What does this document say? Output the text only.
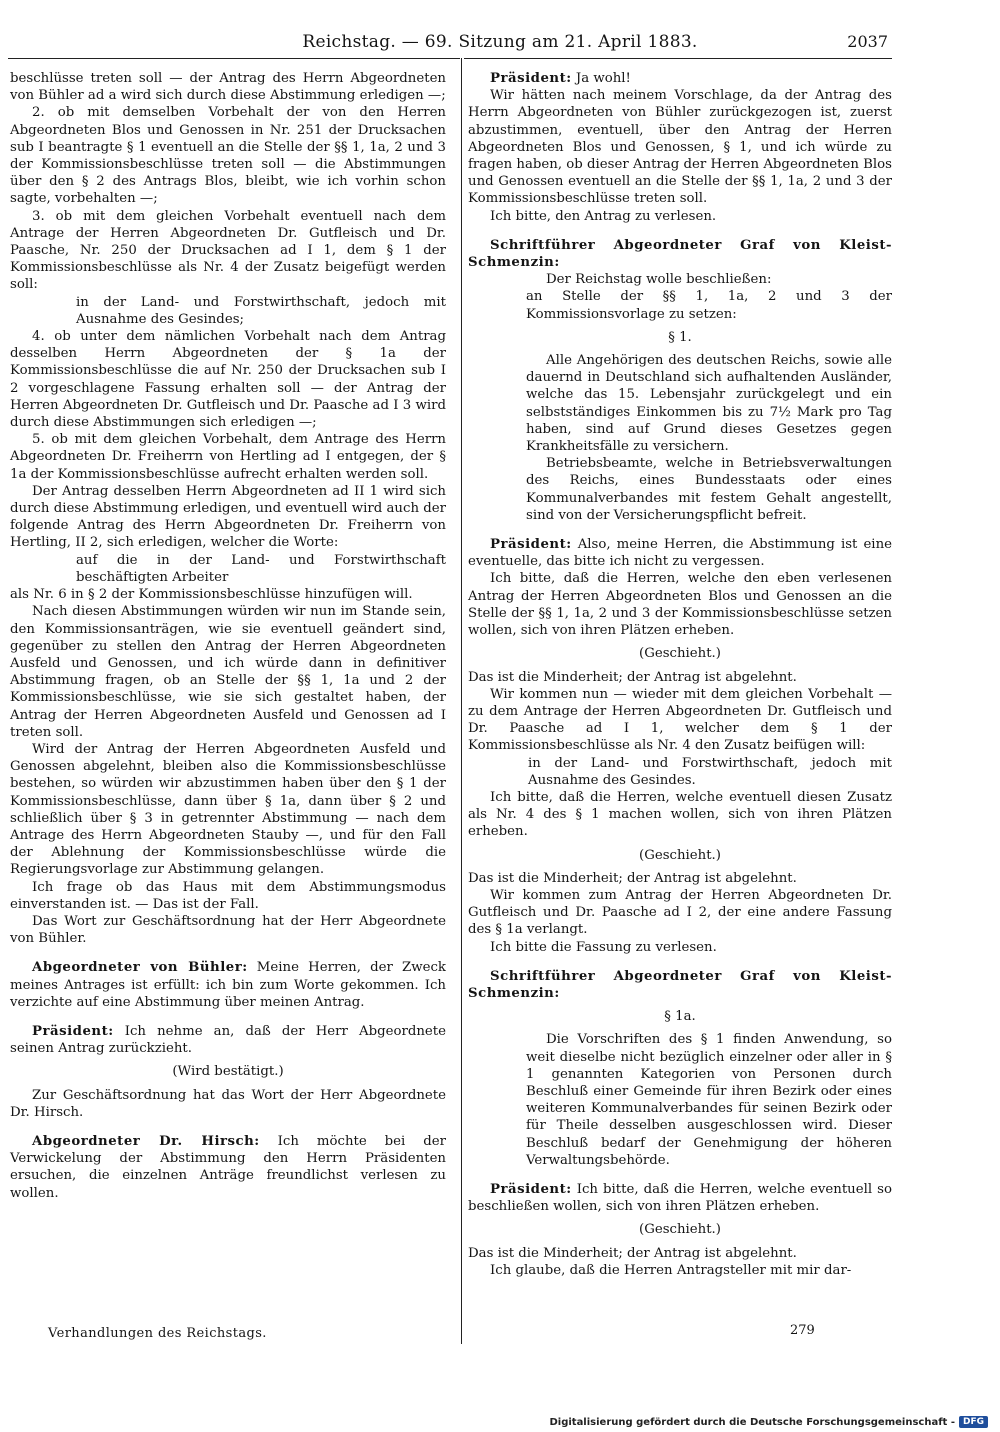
Reichstag. — 69. Sitzung am 21. April 1883.	2037

beschlüsse treten soll — der Antrag des Herrn Abgeordneten von Bühler ad a wird sich durch diese Abstimmung erledigen —;

2. ob mit demselben Vorbehalt der von den Herren Abgeordneten Blos und Genossen in Nr. 251 der Drucksachen sub I beantragte § 1 eventuell an die Stelle der §§ 1, 1a, 2 und 3 der Kommissionsbeschlüsse treten soll — die Abstimmungen über den § 2 des Antrags Blos, bleibt, wie ich vorhin schon sagte, vorbehalten —;

3. ob mit dem gleichen Vorbehalt eventuell nach dem Antrage der Herren Abgeordneten Dr. Gutfleisch und Dr. Paasche, Nr. 250 der Drucksachen ad I 1, dem § 1 der Kommissionsbeschlüsse als Nr. 4 der Zusatz beigefügt werden soll:

in der Land- und Forstwirthschaft, jedoch mit Ausnahme des Gesindes;

4. ob unter dem nämlichen Vorbehalt nach dem Antrag desselben Herrn Abgeordneten der § 1a der Kommissionsbeschlüsse die auf Nr. 250 der Drucksachen sub I 2 vorgeschlagene Fassung erhalten soll — der Antrag der Herren Abgeordneten Dr. Gutfleisch und Dr. Paasche ad I 3 wird durch diese Abstimmungen sich erledigen —;

5. ob mit dem gleichen Vorbehalt, dem Antrage des Herrn Abgeordneten Dr. Freiherrn von Hertling ad I entgegen, der § 1a der Kommissionsbeschlüsse aufrecht erhalten werden soll.

Der Antrag desselben Herrn Abgeordneten ad II 1 wird sich durch diese Abstimmung erledigen, und eventuell wird auch der folgende Antrag des Herrn Abgeordneten Dr. Freiherrn von Hertling, II 2, sich erledigen, welcher die Worte:

auf die in der Land- und Forstwirthschaft beschäftigten Arbeiter

als Nr. 6 in § 2 der Kommissionsbeschlüsse hinzufügen will.

Nach diesen Abstimmungen würden wir nun im Stande sein, den Kommissionsanträgen, wie sie eventuell geändert sind, gegenüber zu stellen den Antrag der Herren Abgeordneten Ausfeld und Genossen, und ich würde dann in definitiver Abstimmung fragen, ob an Stelle der §§ 1, 1a und 2 der Kommissionsbeschlüsse, wie sie sich gestaltet haben, der Antrag der Herren Abgeordneten Ausfeld und Genossen ad I treten soll.

Wird der Antrag der Herren Abgeordneten Ausfeld und Genossen abgelehnt, bleiben also die Kommissionsbeschlüsse bestehen, so würden wir abzustimmen haben über den § 1 der Kommissionsbeschlüsse, dann über § 1a, dann über § 2 und schließlich über § 3 in getrennter Abstimmung — nach dem Antrage des Herrn Abgeordneten Stauby —, und für den Fall der Ablehnung der Kommissionsbeschlüsse würde die Regierungsvorlage zur Abstimmung gelangen.

Ich frage ob das Haus mit dem Abstimmungsmodus einverstanden ist. — Das ist der Fall.

Das Wort zur Geschäftsordnung hat der Herr Abgeordnete von Bühler.

Abgeordneter von Bühler: Meine Herren, der Zweck meines Antrages ist erfüllt: ich bin zum Worte gekommen. Ich verzichte auf eine Abstimmung über meinen Antrag.

Präsident: Ich nehme an, daß der Herr Abgeordnete seinen Antrag zurückzieht.

(Wird bestätigt.)

Zur Geschäftsordnung hat das Wort der Herr Abgeordnete Dr. Hirsch.

Abgeordneter Dr. Hirsch: Ich möchte bei der Verwickelung der Abstimmung den Herrn Präsidenten ersuchen, die einzelnen Anträge freundlichst verlesen zu wollen.

Präsident: Ja wohl!

Wir hätten nach meinem Vorschlage, da der Antrag des Herrn Abgeordneten von Bühler zurückgezogen ist, zuerst abzustimmen, eventuell, über den Antrag der Herren Abgeordneten Blos und Genossen, § 1, und ich würde zu fragen haben, ob dieser Antrag der Herren Abgeordneten Blos und Genossen eventuell an die Stelle der §§ 1, 1a, 2 und 3 der Kommissionsbeschlüsse treten soll.

Ich bitte, den Antrag zu verlesen.

Schriftführer Abgeordneter Graf von Kleist-Schmenzin:

Der Reichstag wolle beschließen:

an Stelle der §§ 1, 1a, 2 und 3 der Kommissionsvorlage zu setzen:

§ 1.

Alle Angehörigen des deutschen Reichs, sowie alle dauernd in Deutschland sich aufhaltenden Ausländer, welche das 15. Lebensjahr zurückgelegt und ein selbstständiges Einkommen bis zu 7½ Mark pro Tag haben, sind auf Grund dieses Gesetzes gegen Krankheitsfälle zu versichern.

Betriebsbeamte, welche in Betriebsverwaltungen des Reichs, eines Bundesstaats oder eines Kommunalverbandes mit festem Gehalt angestellt, sind von der Versicherungspflicht befreit.

Präsident: Also, meine Herren, die Abstimmung ist eine eventuelle, das bitte ich nicht zu vergessen.

Ich bitte, daß die Herren, welche den eben verlesenen Antrag der Herren Abgeordneten Blos und Genossen an die Stelle der §§ 1, 1a, 2 und 3 der Kommissionsbeschlüsse setzen wollen, sich von ihren Plätzen erheben.

(Geschieht.)

Das ist die Minderheit; der Antrag ist abgelehnt.

Wir kommen nun — wieder mit dem gleichen Vorbehalt — zu dem Antrage der Herren Abgeordneten Dr. Gutfleisch und Dr. Paasche ad I 1, welcher dem § 1 der Kommissionsbeschlüsse als Nr. 4 den Zusatz beifügen will:

in der Land- und Forstwirthschaft, jedoch mit Ausnahme des Gesindes.

Ich bitte, daß die Herren, welche eventuell diesen Zusatz als Nr. 4 des § 1 machen wollen, sich von ihren Plätzen erheben.

(Geschieht.)

Das ist die Minderheit; der Antrag ist abgelehnt.

Wir kommen zum Antrag der Herren Abgeordneten Dr. Gutfleisch und Dr. Paasche ad I 2, der eine andere Fassung des § 1a verlangt.

Ich bitte die Fassung zu verlesen.

Schriftführer Abgeordneter Graf von Kleist-Schmenzin:

§ 1a.

Die Vorschriften des § 1 finden Anwendung, so weit dieselbe nicht bezüglich einzelner oder aller in § 1 genannten Kategorien von Personen durch Beschluß einer Gemeinde für ihren Bezirk oder eines weiteren Kommunalverbandes für seinen Bezirk oder für Theile desselben ausgeschlossen wird. Dieser Beschluß bedarf der Genehmigung der höheren Verwaltungsbehörde.

Präsident: Ich bitte, daß die Herren, welche eventuell so beschließen wollen, sich von ihren Plätzen erheben.

(Geschieht.)

Das ist die Minderheit; der Antrag ist abgelehnt.

Ich glaube, daß die Herren Antragsteller mit mir dar-

Verhandlungen des Reichstags.	279
Digitalisierung gefördert durch die Deutsche Forschungsgemeinschaft - DFG
